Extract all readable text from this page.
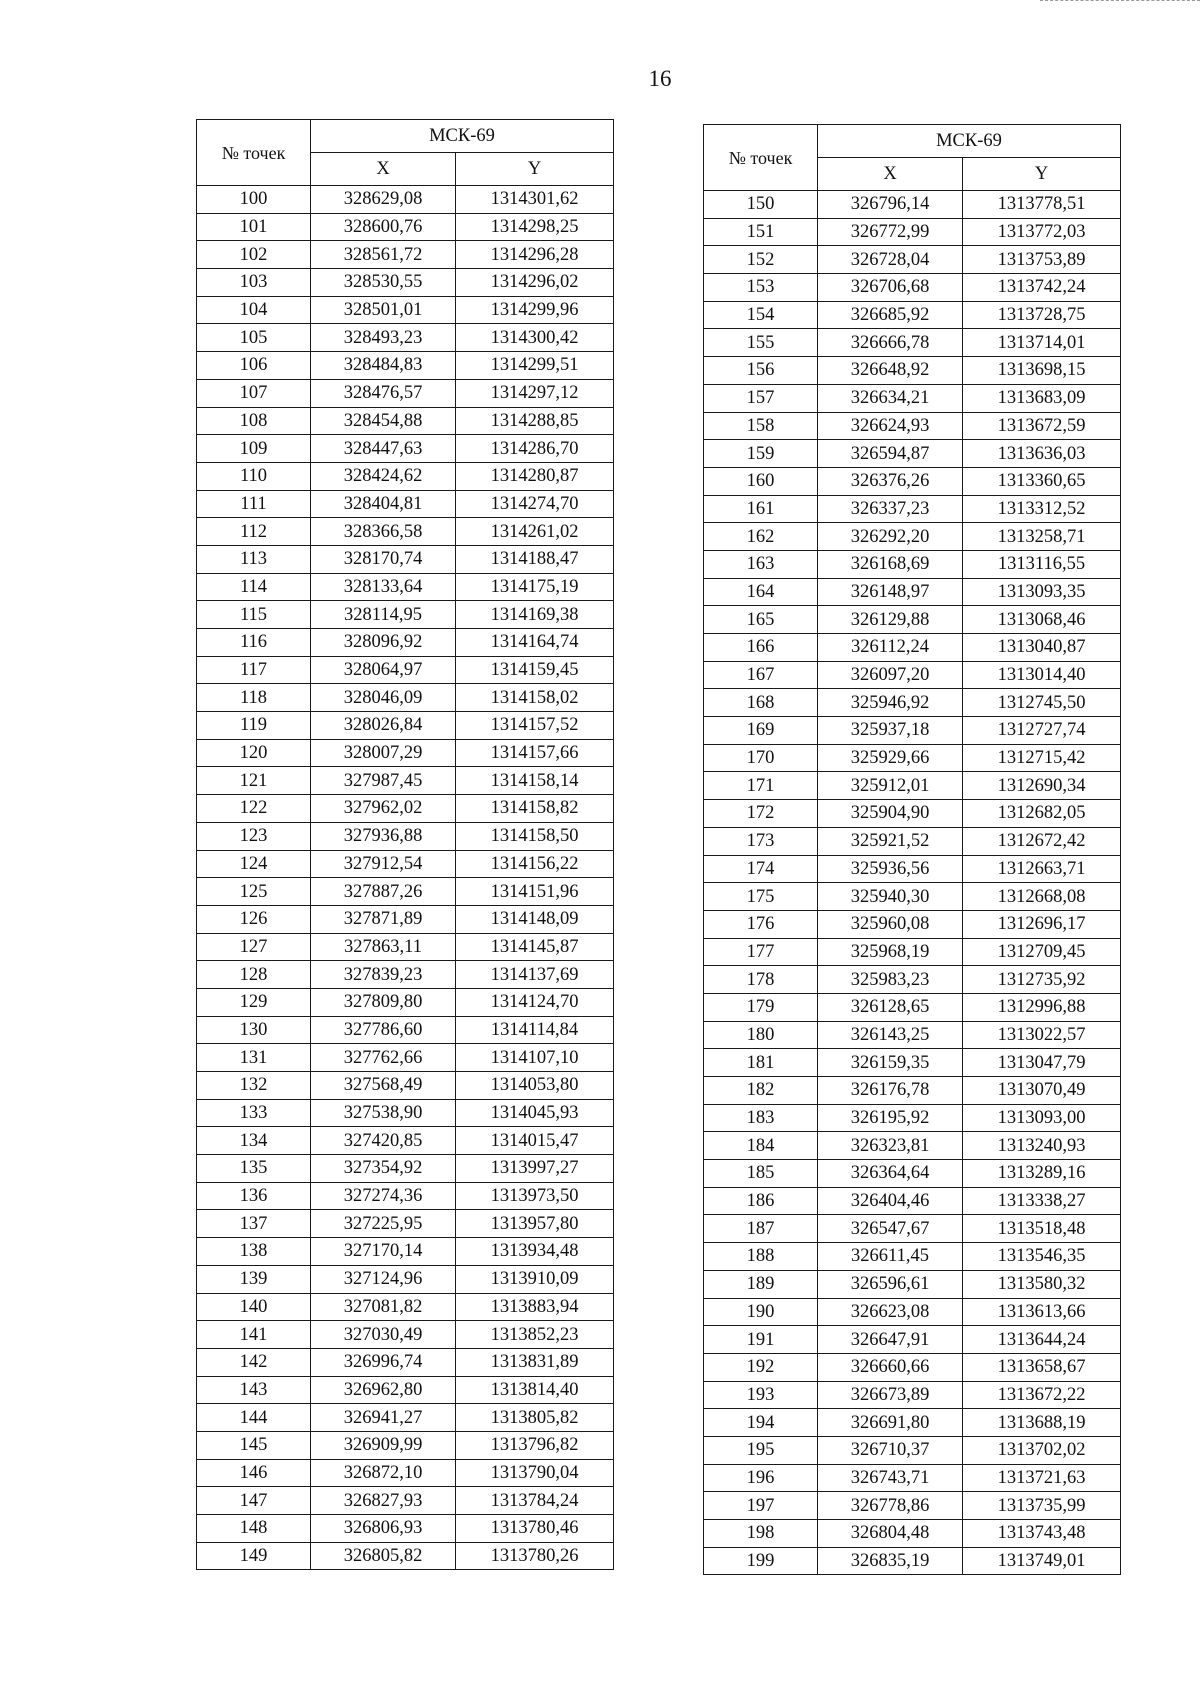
16
№ точек	МСК-69	
	X	Y
100	328629,08	1314301,62
101	328600,76	1314298,25
102	328561,72	1314296,28
103	328530,55	1314296,02
104	328501,01	1314299,96
105	328493,23	1314300,42
106	328484,83	1314299,51
107	328476,57	1314297,12
108	328454,88	1314288,85
109	328447,63	1314286,70
110	328424,62	1314280,87
111	328404,81	1314274,70
112	328366,58	1314261,02
113	328170,74	1314188,47
114	328133,64	1314175,19
115	328114,95	1314169,38
116	328096,92	1314164,74
117	328064,97	1314159,45
118	328046,09	1314158,02
119	328026,84	1314157,52
120	328007,29	1314157,66
121	327987,45	1314158,14
122	327962,02	1314158,82
123	327936,88	1314158,50
124	327912,54	1314156,22
125	327887,26	1314151,96
126	327871,89	1314148,09
127	327863,11	1314145,87
128	327839,23	1314137,69
129	327809,80	1314124,70
130	327786,60	1314114,84
131	327762,66	1314107,10
132	327568,49	1314053,80
133	327538,90	1314045,93
134	327420,85	1314015,47
135	327354,92	1313997,27
136	327274,36	1313973,50
137	327225,95	1313957,80
138	327170,14	1313934,48
139	327124,96	1313910,09
140	327081,82	1313883,94
141	327030,49	1313852,23
142	326996,74	1313831,89
143	326962,80	1313814,40
144	326941,27	1313805,82
145	326909,99	1313796,82
146	326872,10	1313790,04
147	326827,93	1313784,24
148	326806,93	1313780,46
149	326805,82	1313780,26
№ точек	МСК-69	
	X	Y
150	326796,14	1313778,51
151	326772,99	1313772,03
152	326728,04	1313753,89
153	326706,68	1313742,24
154	326685,92	1313728,75
155	326666,78	1313714,01
156	326648,92	1313698,15
157	326634,21	1313683,09
158	326624,93	1313672,59
159	326594,87	1313636,03
160	326376,26	1313360,65
161	326337,23	1313312,52
162	326292,20	1313258,71
163	326168,69	1313116,55
164	326148,97	1313093,35
165	326129,88	1313068,46
166	326112,24	1313040,87
167	326097,20	1313014,40
168	325946,92	1312745,50
169	325937,18	1312727,74
170	325929,66	1312715,42
171	325912,01	1312690,34
172	325904,90	1312682,05
173	325921,52	1312672,42
174	325936,56	1312663,71
175	325940,30	1312668,08
176	325960,08	1312696,17
177	325968,19	1312709,45
178	325983,23	1312735,92
179	326128,65	1312996,88
180	326143,25	1313022,57
181	326159,35	1313047,79
182	326176,78	1313070,49
183	326195,92	1313093,00
184	326323,81	1313240,93
185	326364,64	1313289,16
186	326404,46	1313338,27
187	326547,67	1313518,48
188	326611,45	1313546,35
189	326596,61	1313580,32
190	326623,08	1313613,66
191	326647,91	1313644,24
192	326660,66	1313658,67
193	326673,89	1313672,22
194	326691,80	1313688,19
195	326710,37	1313702,02
196	326743,71	1313721,63
197	326778,86	1313735,99
198	326804,48	1313743,48
199	326835,19	1313749,01
